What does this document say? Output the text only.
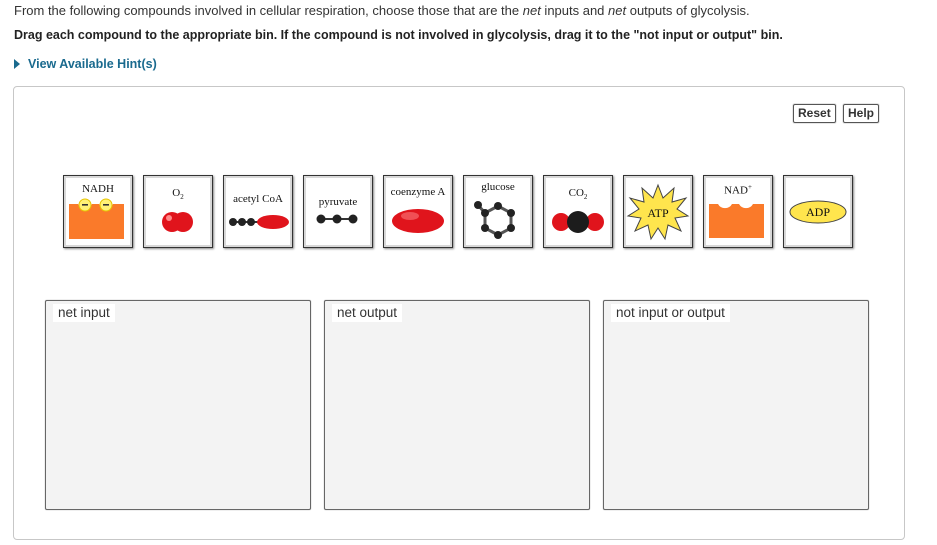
From the following compounds involved in cellular respiration, choose those that are the net inputs and net outputs of glycolysis.
Drag each compound to the appropriate bin. If the compound is not involved in glycolysis, drag it to the "not input or output" bin.
View Available Hint(s)
Reset	Help
NADH	$O_2$	acetyl CoA	pyruvate
coenzyme A	glucose	$CO_2$
ATP
NAD+
ADP
net input	net output	not input or output
